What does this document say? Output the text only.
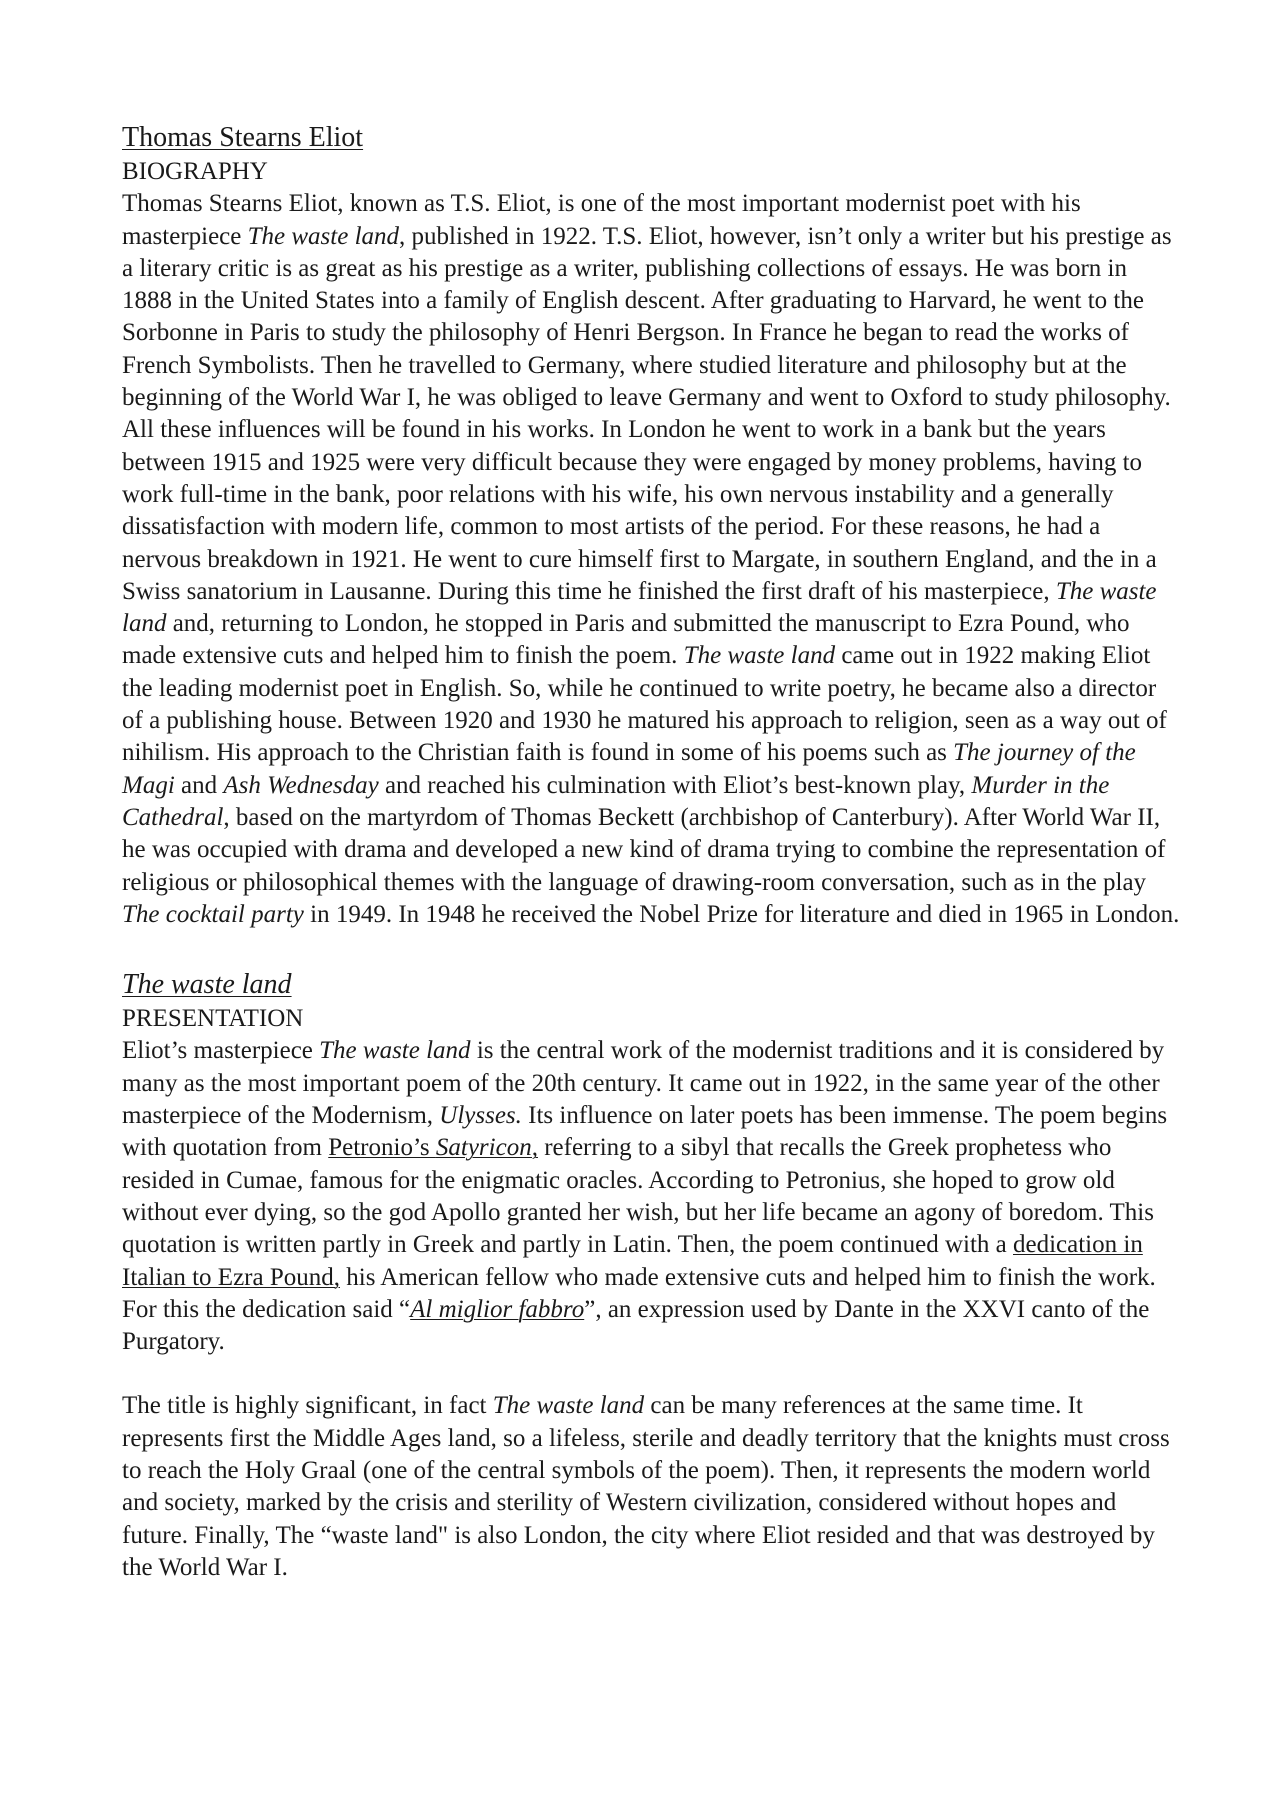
Thomas Stearns Eliot
BIOGRAPHY

Thomas Stearns Eliot, known as T.S. Eliot, is one of the most important modernist poet with his masterpiece The waste land, published in 1922. T.S. Eliot, however, isn’t only a writer but his prestige as a literary critic is as great as his prestige as a writer, publishing collections of essays. He was born in 1888 in the United States into a family of English descent. After graduating to Harvard, he went to the Sorbonne in Paris to study the philosophy of Henri Bergson. In France he began to read the works of French Symbolists. Then he travelled to Germany, where studied literature and philosophy but at the beginning of the World War I, he was obliged to leave Germany and went to Oxford to study philosophy. All these influences will be found in his works. In London he went to work in a bank but the years between 1915 and 1925 were very difficult because they were engaged by money problems, having to work full-time in the bank, poor relations with his wife, his own nervous instability and a generally dissatisfaction with modern life, common to most artists of the period. For these reasons, he had a nervous breakdown in 1921. He went to cure himself first to Margate, in southern England, and the in a Swiss sanatorium in Lausanne. During this time he finished the first draft of his masterpiece, The waste land and, returning to London, he stopped in Paris and submitted the manuscript to Ezra Pound, who made extensive cuts and helped him to finish the poem. The waste land came out in 1922 making Eliot the leading modernist poet in English. So, while he continued to write poetry, he became also a director of a publishing house. Between 1920 and 1930 he matured his approach to religion, seen as a way out of nihilism. His approach to the Christian faith is found in some of his poems such as The journey of the Magi and Ash Wednesday and reached his culmination with Eliot’s best-known play, Murder in the Cathedral, based on the martyrdom of Thomas Beckett (archbishop of Canterbury). After World War II, he was occupied with drama and developed a new kind of drama trying to combine the representation of religious or philosophical themes with the language of drawing-room conversation, such as in the play The cocktail party in 1949. In 1948 he received the Nobel Prize for literature and died in 1965 in London.

The waste land
PRESENTATION

Eliot’s masterpiece The waste land is the central work of the modernist traditions and it is considered by many as the most important poem of the 20th century. It came out in 1922, in the same year of the other masterpiece of the Modernism, Ulysses. Its influence on later poets has been immense. The poem begins with quotation from Petronio’s Satyricon, referring to a sibyl that recalls the Greek prophetess who resided in Cumae, famous for the enigmatic oracles. According to Petronius, she hoped to grow old without ever dying, so the god Apollo granted her wish, but her life became an agony of boredom. This quotation is written partly in Greek and partly in Latin. Then, the poem continued with a dedication in Italian to Ezra Pound, his American fellow who made extensive cuts and helped him to finish the work. For this the dedication said “Al miglior fabbro”, an expression used by Dante in the XXVI canto of the Purgatory.

The title is highly significant, in fact The waste land can be many references at the same time. It represents first the Middle Ages land, so a lifeless, sterile and deadly territory that the knights must cross to reach the Holy Graal (one of the central symbols of the poem). Then, it represents the modern world and society, marked by the crisis and sterility of Western civilization, considered without hopes and future. Finally, The “waste land" is also London, the city where Eliot resided and that was destroyed by the World War I.
